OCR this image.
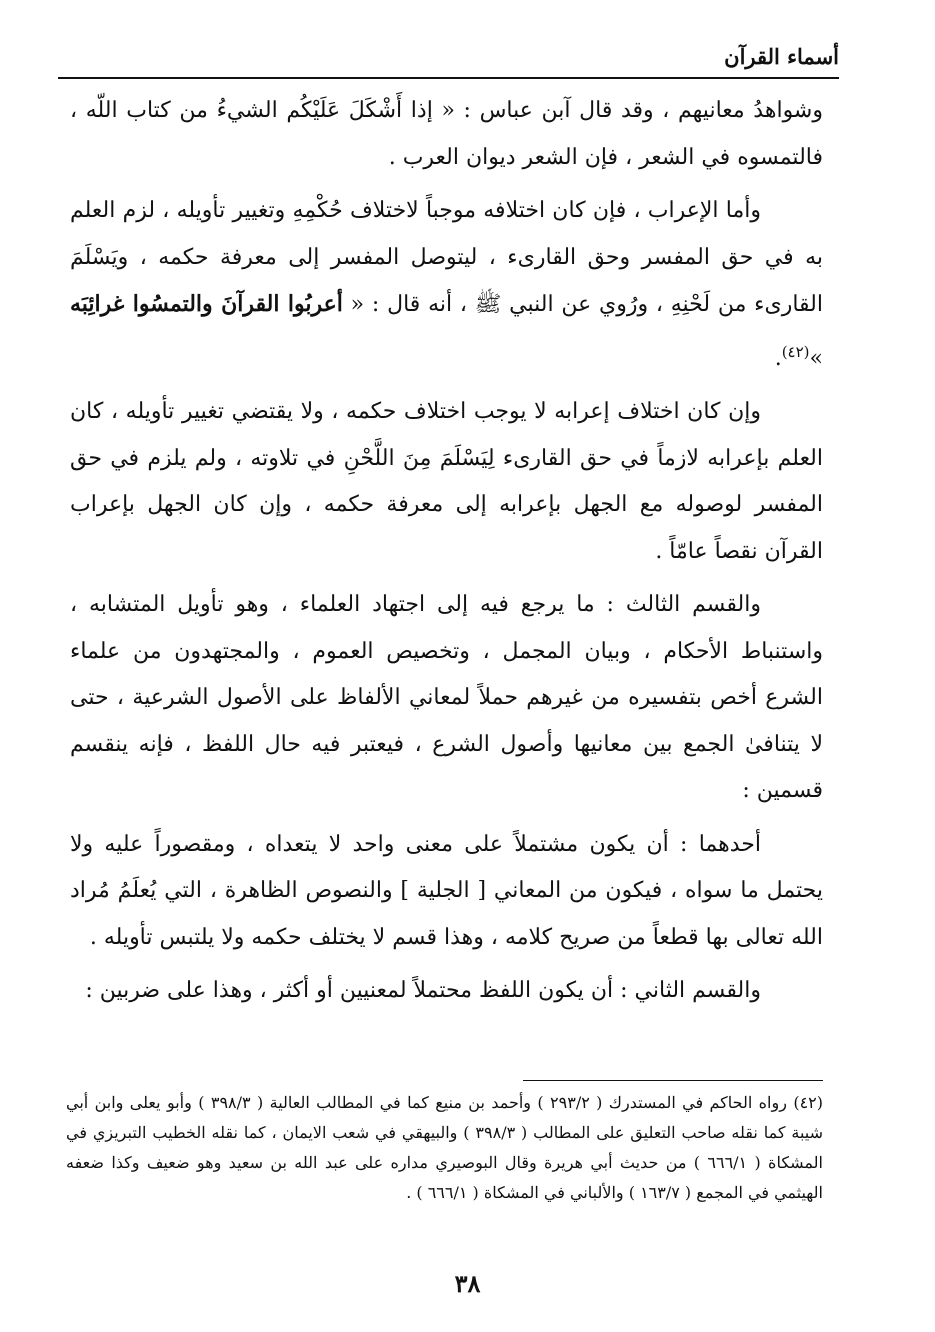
أسماء القرآن

وشواهدُ معانيهم ، وقد قال آبن عباس : « إذا أَشْكَلَ عَلَيْكُم الشيءُ من كتاب اللّه ، فالتمسوه في الشعر ، فإن الشعر ديوان العرب .

وأما الإعراب ، فإن كان اختلافه موجباً لاختلاف حُكْمِهِ وتغيير تأويله ، لزم العلم به في حق المفسر وحق القارىء ، ليتوصل المفسر إلى معرفة حكمه ، ويَسْلَمَ القارىء من لَحْنِهِ ، ورُوي عن النبي ﷺ ، أنه قال : « أعربُوا القرآنَ والتمسُوا غرائِبَه »$^{(٤٢)}$.

وإن كان اختلاف إعرابه لا يوجب اختلاف حكمه ، ولا يقتضي تغيير تأويله ، كان العلم بإعرابه لازماً في حق القارىء لِيَسْلَمَ مِنَ اللَّحْنِ في تلاوته ، ولم يلزم في حق المفسر لوصوله مع الجهل بإعرابه إلى معرفة حكمه ، وإن كان الجهل بإعراب القرآن نقصاً عامّاً .

والقسم الثالث : ما يرجع فيه إلى اجتهاد العلماء ، وهو تأويل المتشابه ، واستنباط الأحكام ، وبيان المجمل ، وتخصيص العموم ، والمجتهدون من علماء الشرع أخص بتفسيره من غيرهم حملاً لمعاني الألفاظ على الأصول الشرعية ، حتى لا يتنافىٰ الجمع بين معانيها وأصول الشرع ، فيعتبر فيه حال اللفظ ، فإنه ينقسم قسمين :

أحدهما : أن يكون مشتملاً على معنى واحد لا يتعداه ، ومقصوراً عليه ولا يحتمل ما سواه ، فيكون من المعاني [ الجلية ] والنصوص الظاهرة ، التي يُعلَمُ مُراد الله تعالى بها قطعاً من صريح كلامه ، وهذا قسم لا يختلف حكمه ولا يلتبس تأويله .

والقسم الثاني : أن يكون اللفظ محتملاً لمعنيين أو أكثر ، وهذا على ضربين :

(٤٢) رواه الحاكم في المستدرك ( ٢٩٣/٢ ) وأحمد بن منيع كما في المطالب العالية ( ٣٩٨/٣ ) وأبو يعلى وابن أبي شيبة كما نقله صاحب التعليق على المطالب ( ٣٩٨/٣ ) والبيهقي في شعب الايمان ، كما نقله الخطيب التبريزي في المشكاة ( ٦٦٦/١ ) من حديث أبي هريرة وقال البوصيري مداره على عبد الله بن سعيد وهو ضعيف وكذا ضعفه الهيثمي في المجمع ( ١٦٣/٧ ) والألباني في المشكاة ( ٦٦٦/١ ) .
٣٨
